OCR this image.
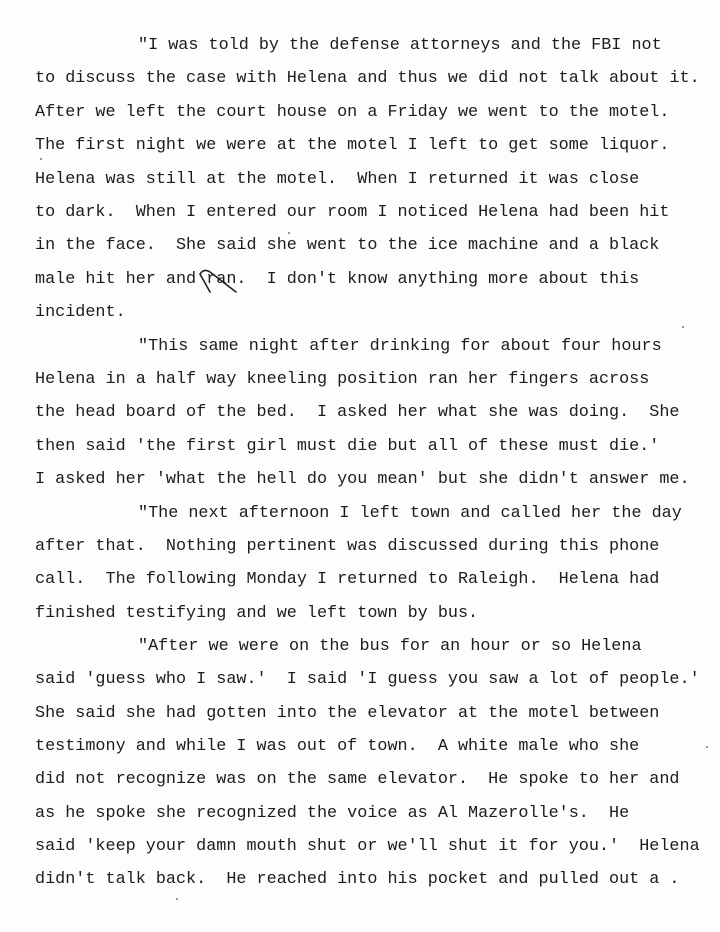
"I was told by the defense attorneys and the FBI not
to discuss the case with Helena and thus we did not talk about it.
After we left the court house on a Friday we went to the motel.
The first night we were at the motel I left to get some liquor.
Helena was still at the motel.  When I returned it was close
to dark.  When I entered our room I noticed Helena had been hit
in the face.  She said she went to the ice machine and a black
male hit her and ran.  I don't know anything more about this
incident.
"This same night after drinking for about four hours
Helena in a half way kneeling position ran her fingers across
the head board of the bed.  I asked her what she was doing.  She
then said 'the first girl must die but all of these must die.'
I asked her 'what the hell do you mean' but she didn't answer me.
"The next afternoon I left town and called her the day
after that.  Nothing pertinent was discussed during this phone
call.  The following Monday I returned to Raleigh.  Helena had
finished testifying and we left town by bus.
"After we were on the bus for an hour or so Helena
said 'guess who I saw.'  I said 'I guess you saw a lot of people.'
She said she had gotten into the elevator at the motel between
testimony and while I was out of town.  A white male who she
did not recognize was on the same elevator.  He spoke to her and
as he spoke she recognized the voice as Al Mazerolle's.  He
said 'keep your damn mouth shut or we'll shut it for you.'  Helena
didn't talk back.  He reached into his pocket and pulled out a .
